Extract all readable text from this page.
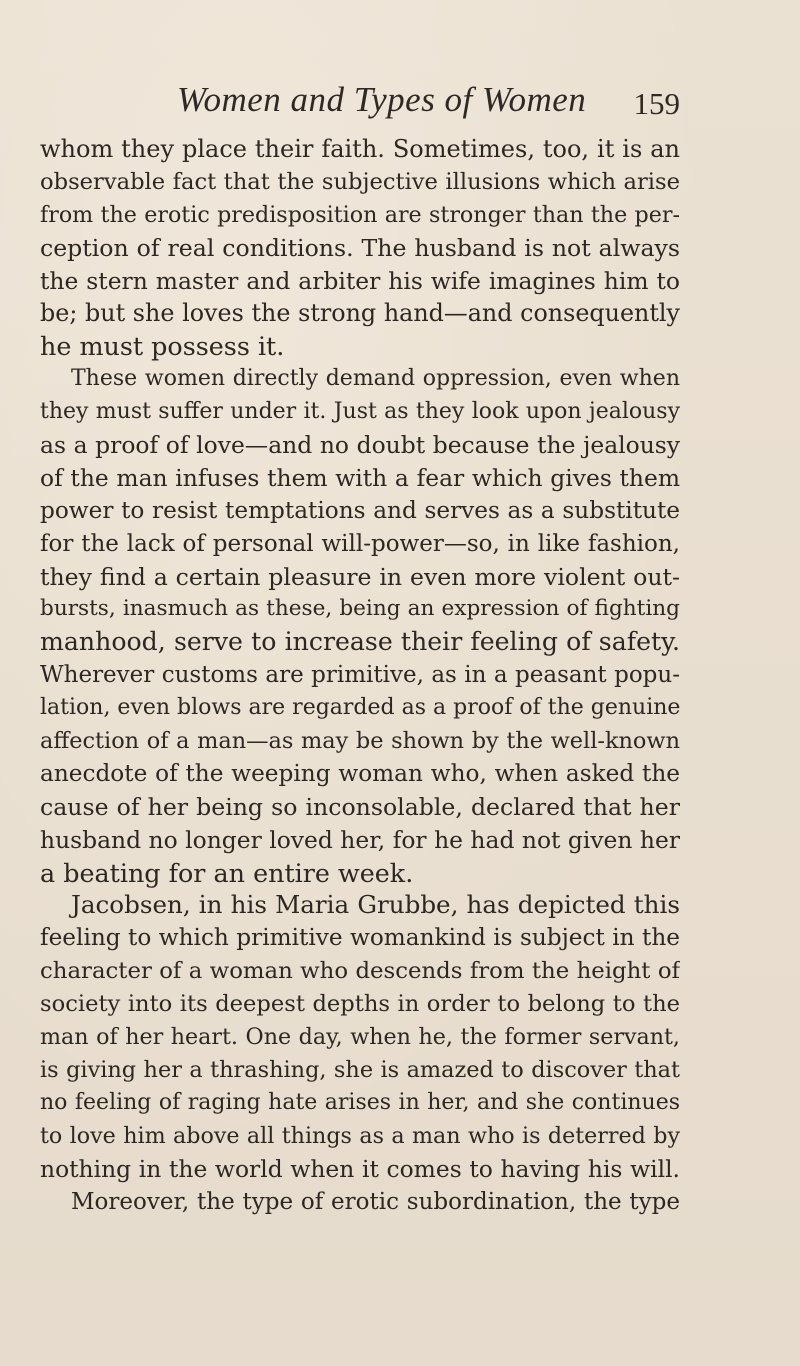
Women and Types of Women 159
whom they place their faith. Sometimes, too, it is an
observable fact that the subjective illusions which arise
from the erotic predisposition are stronger than the per-
ception of real conditions. The husband is not always
the stern master and arbiter his wife imagines him to
be; but she loves the strong hand—and consequently
he must possess it.
These women directly demand oppression, even when
they must suffer under it. Just as they look upon jealousy
as a proof of love—and no doubt because the jealousy
of the man infuses them with a fear which gives them
power to resist temptations and serves as a substitute
for the lack of personal will-power—so, in like fashion,
they find a certain pleasure in even more violent out-
bursts, inasmuch as these, being an expression of fighting
manhood, serve to increase their feeling of safety.
Wherever customs are primitive, as in a peasant popu-
lation, even blows are regarded as a proof of the genuine
affection of a man—as may be shown by the well-known
anecdote of the weeping woman who, when asked the
cause of her being so inconsolable, declared that her
husband no longer loved her, for he had not given her
a beating for an entire week.
Jacobsen, in his Maria Grubbe, has depicted this
feeling to which primitive womankind is subject in the
character of a woman who descends from the height of
society into its deepest depths in order to belong to the
man of her heart. One day, when he, the former servant,
is giving her a thrashing, she is amazed to discover that
no feeling of raging hate arises in her, and she continues
to love him above all things as a man who is deterred by
nothing in the world when it comes to having his will.
Moreover, the type of erotic subordination, the type
